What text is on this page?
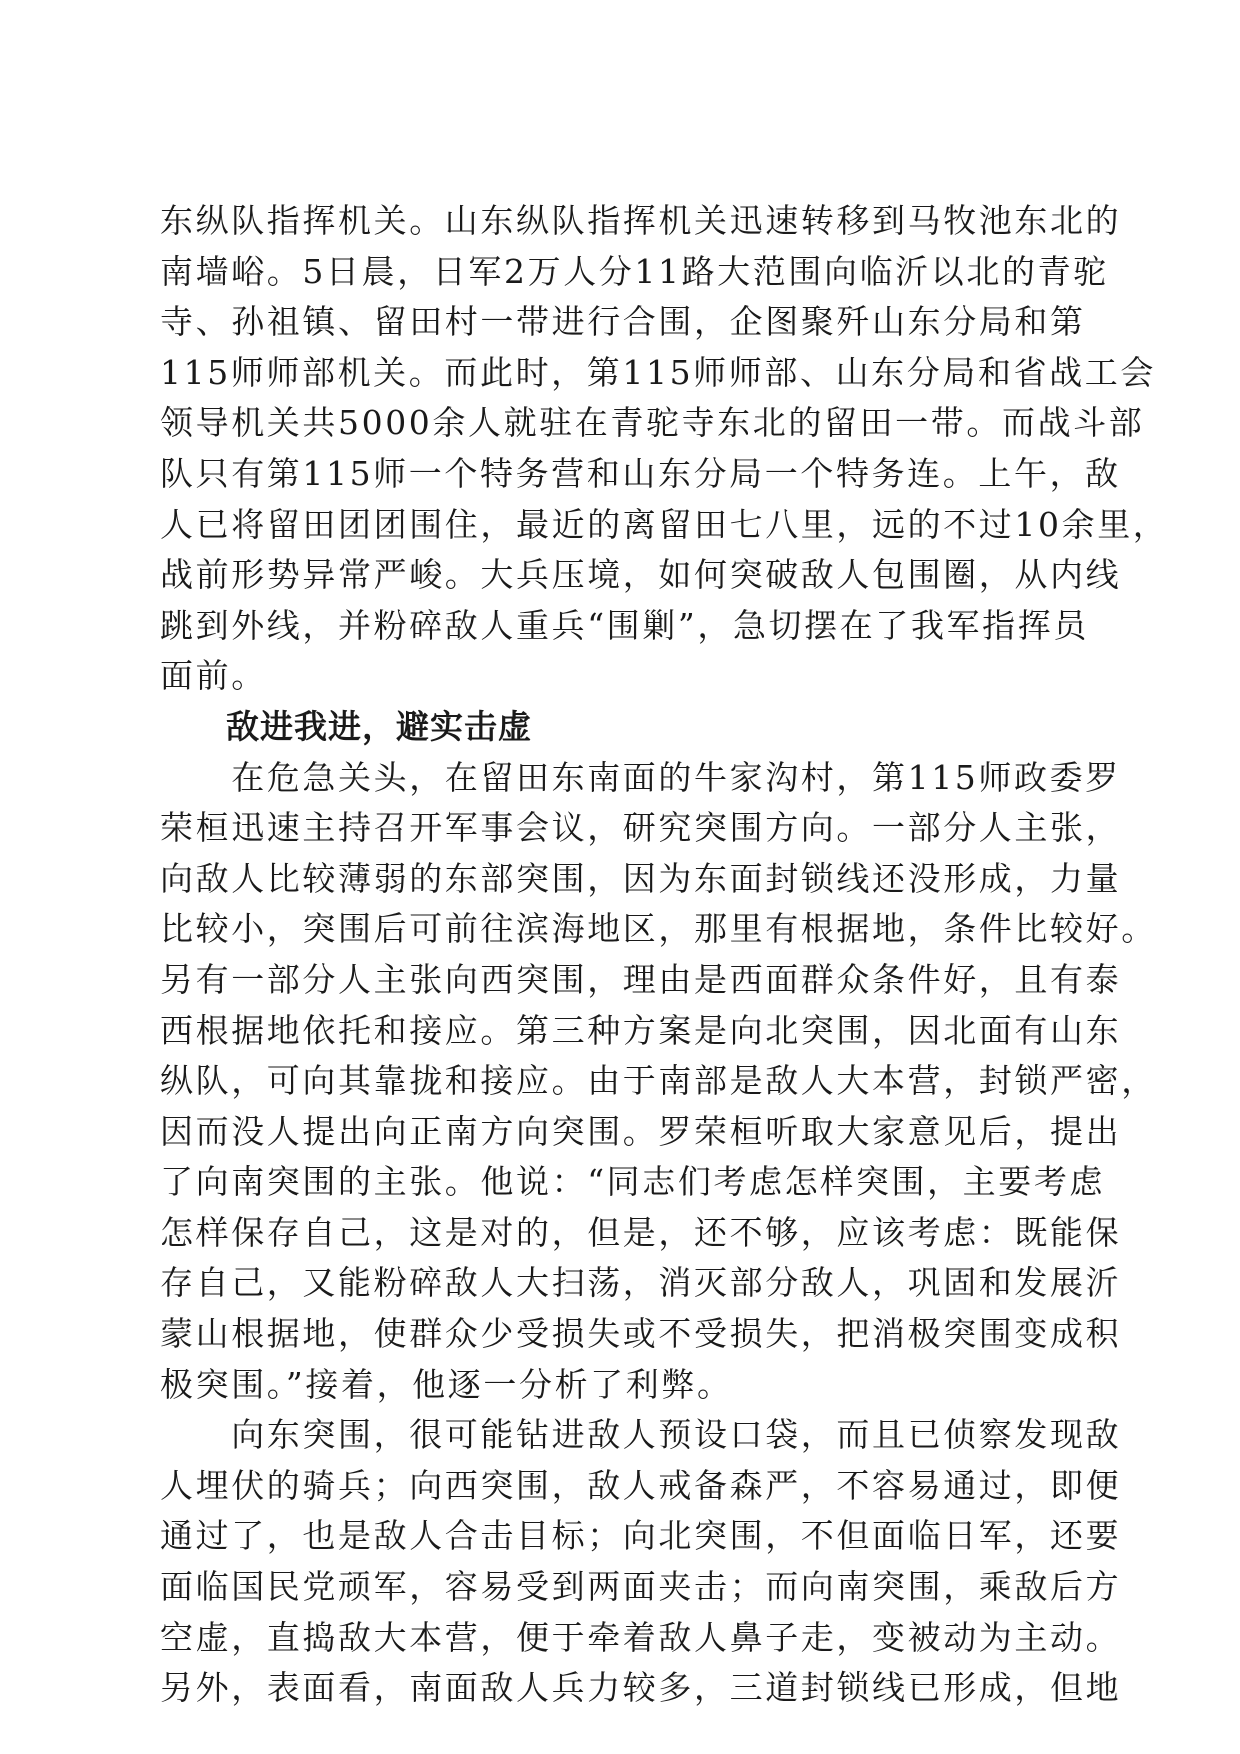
东纵队指挥机关。山东纵队指挥机关迅速转移到马牧池东北的
南墙峪。5日晨，日军2万人分11路大范围向临沂以北的青驼
寺、孙祖镇、留田村一带进行合围，企图聚歼山东分局和第
115师师部机关。而此时，第115师师部、山东分局和省战工会
领导机关共5000余人就驻在青驼寺东北的留田一带。而战斗部
队只有第115师一个特务营和山东分局一个特务连。上午，敌
人已将留田团团围住，最近的离留田七八里，远的不过10余里，
战前形势异常严峻。大兵压境，如何突破敌人包围圈，从内线
跳到外线，并粉碎敌人重兵“围剿”，急切摆在了我军指挥员
面前。
敌进我进，避实击虚
　　在危急关头，在留田东南面的牛家沟村，第115师政委罗
荣桓迅速主持召开军事会议，研究突围方向。一部分人主张，
向敌人比较薄弱的东部突围，因为东面封锁线还没形成，力量
比较小，突围后可前往滨海地区，那里有根据地，条件比较好。
另有一部分人主张向西突围，理由是西面群众条件好，且有泰
西根据地依托和接应。第三种方案是向北突围，因北面有山东
纵队，可向其靠拢和接应。由于南部是敌人大本营，封锁严密，
因而没人提出向正南方向突围。罗荣桓听取大家意见后，提出
了向南突围的主张。他说：“同志们考虑怎样突围，主要考虑
怎样保存自己，这是对的，但是，还不够，应该考虑：既能保
存自己，又能粉碎敌人大扫荡，消灭部分敌人，巩固和发展沂
蒙山根据地，使群众少受损失或不受损失，把消极突围变成积
极突围。”接着，他逐一分析了利弊。
　　向东突围，很可能钻进敌人预设口袋，而且已侦察发现敌
人埋伏的骑兵；向西突围，敌人戒备森严，不容易通过，即便
通过了，也是敌人合击目标；向北突围，不但面临日军，还要
面临国民党顽军，容易受到两面夹击；而向南突围，乘敌后方
空虚，直捣敌大本营，便于牵着敌人鼻子走，变被动为主动。
另外，表面看，南面敌人兵力较多，三道封锁线已形成，但地
